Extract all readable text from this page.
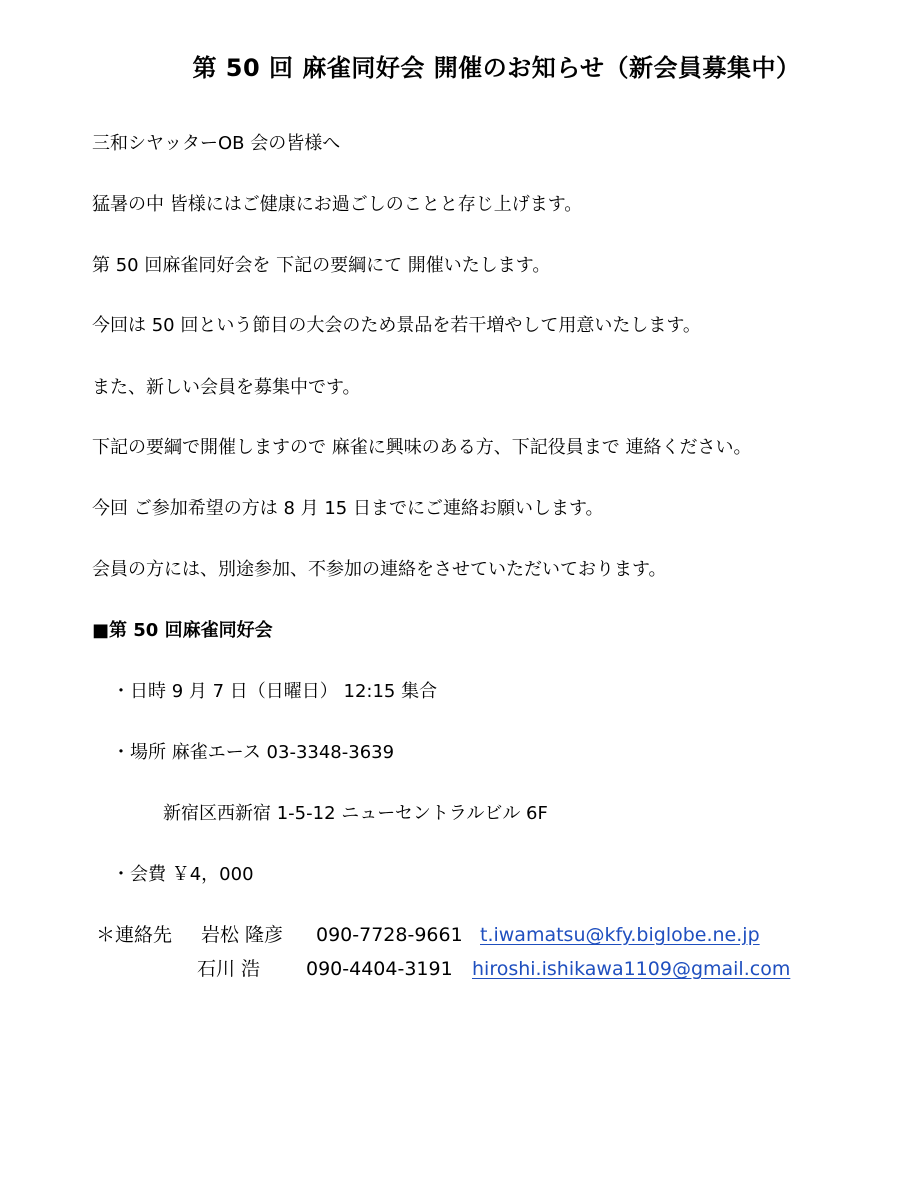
第 50 回 麻雀同好会 開催のお知らせ（新会員募集中）
三和シヤッターOB 会の皆様へ
猛暑の中 皆様にはご健康にお過ごしのことと存じ上げます。
第 50 回麻雀同好会を 下記の要綱にて 開催いたします。
今回は 50 回という節目の大会のため景品を若干増やして用意いたします。
また、新しい会員を募集中です。
下記の要綱で開催しますので 麻雀に興味のある方、下記役員まで 連絡ください。
今回 ご参加希望の方は 8 月 15 日までにご連絡お願いします。
会員の方には、別途参加、不参加の連絡をさせていただいております。
■第 50 回麻雀同好会
・日時 9 月 7 日（日曜日） 12:15 集合
・場所 麻雀エース 03-3348-3639
新宿区西新宿 1-5-12 ニューセントラルビル 6F
・会費 ￥4，000
＊連絡先 岩松 隆彦 090-7728-9661 t.iwamatsu@kfy.biglobe.ne.jp
石川 浩 090-4404-3191 hiroshi.ishikawa1109@gmail.com
